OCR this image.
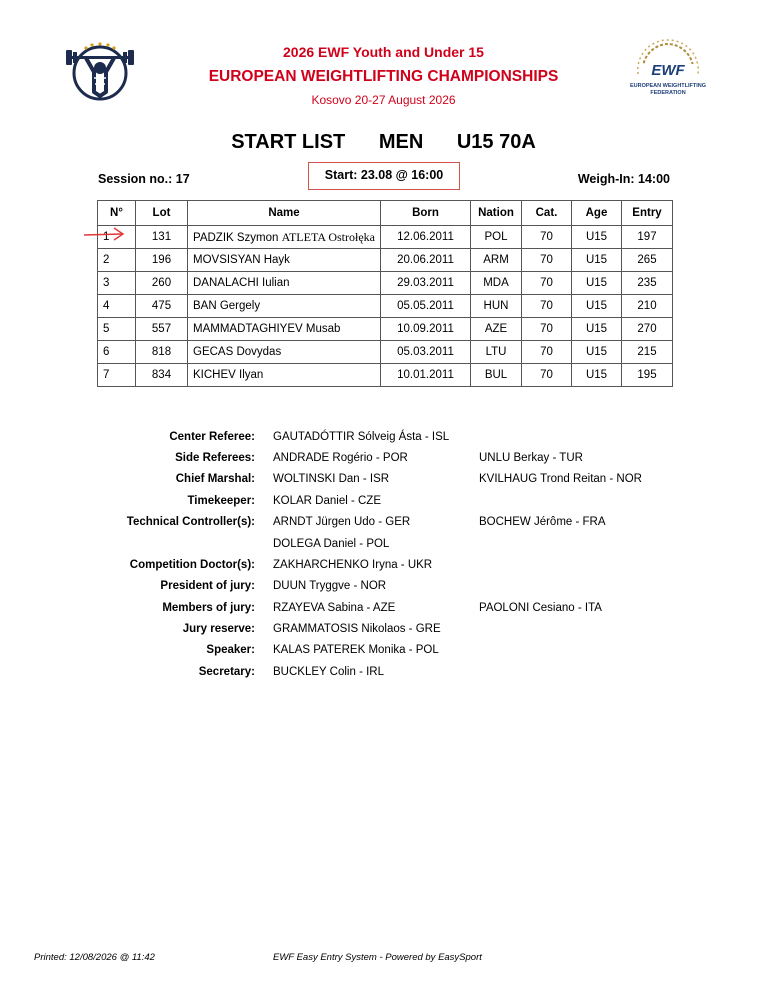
EWF
EUROPEAN WEIGHTLIFTING
FEDERATION
2026 EWF Youth and Under 15
EUROPEAN WEIGHTLIFTING CHAMPIONSHIPS
Kosovo 20-27 August 2026
START LIST MEN U15 70A
Session no.: 17	Start: 23.08 @ 16:00	Weigh-In: 14:00
N°	Lot	Name	Born	Nation	Cat.	Age	Entry
1	131	PADZIK Szymon ATLETA Ostrołęka	12.06.2011	POL	70	U15	197
2	196	MOVSISYAN Hayk	20.06.2011	ARM	70	U15	265
3	260	DANALACHI Iulian	29.03.2011	MDA	70	U15	235
4	475	BAN Gergely	05.05.2011	HUN	70	U15	210
5	557	MAMMADTAGHIYEV Musab	10.09.2011	AZE	70	U15	270
6	818	GECAS Dovydas	05.03.2011	LTU	70	U15	215
7	834	KICHEV Ilyan	10.01.2011	BUL	70	U15	195
Center Referee: GAUTADÓTTIR Sólveig Ásta - ISL
Side Referees: ANDRADE Rogério - POR	UNLU Berkay - TUR
Chief Marshal: WOLTINSKI Dan - ISR	KVILHAUG Trond Reitan - NOR
Timekeeper: KOLAR Daniel - CZE
Technical Controller(s): ARNDT Jürgen Udo - GER	BOCHEW Jérôme - FRA
DOLEGA Daniel - POL
Competition Doctor(s): ZAKHARCHENKO Iryna - UKR
President of jury: DUUN Tryggve - NOR
Members of jury: RZAYEVA Sabina - AZE	PAOLONI Cesiano - ITA
Jury reserve: GRAMMATOSIS Nikolaos - GRE
Speaker: KALAS PATEREK Monika - POL
Secretary: BUCKLEY Colin - IRL
Printed: 12/08/2026 @ 11:42	EWF Easy Entry System - Powered by EasySport
